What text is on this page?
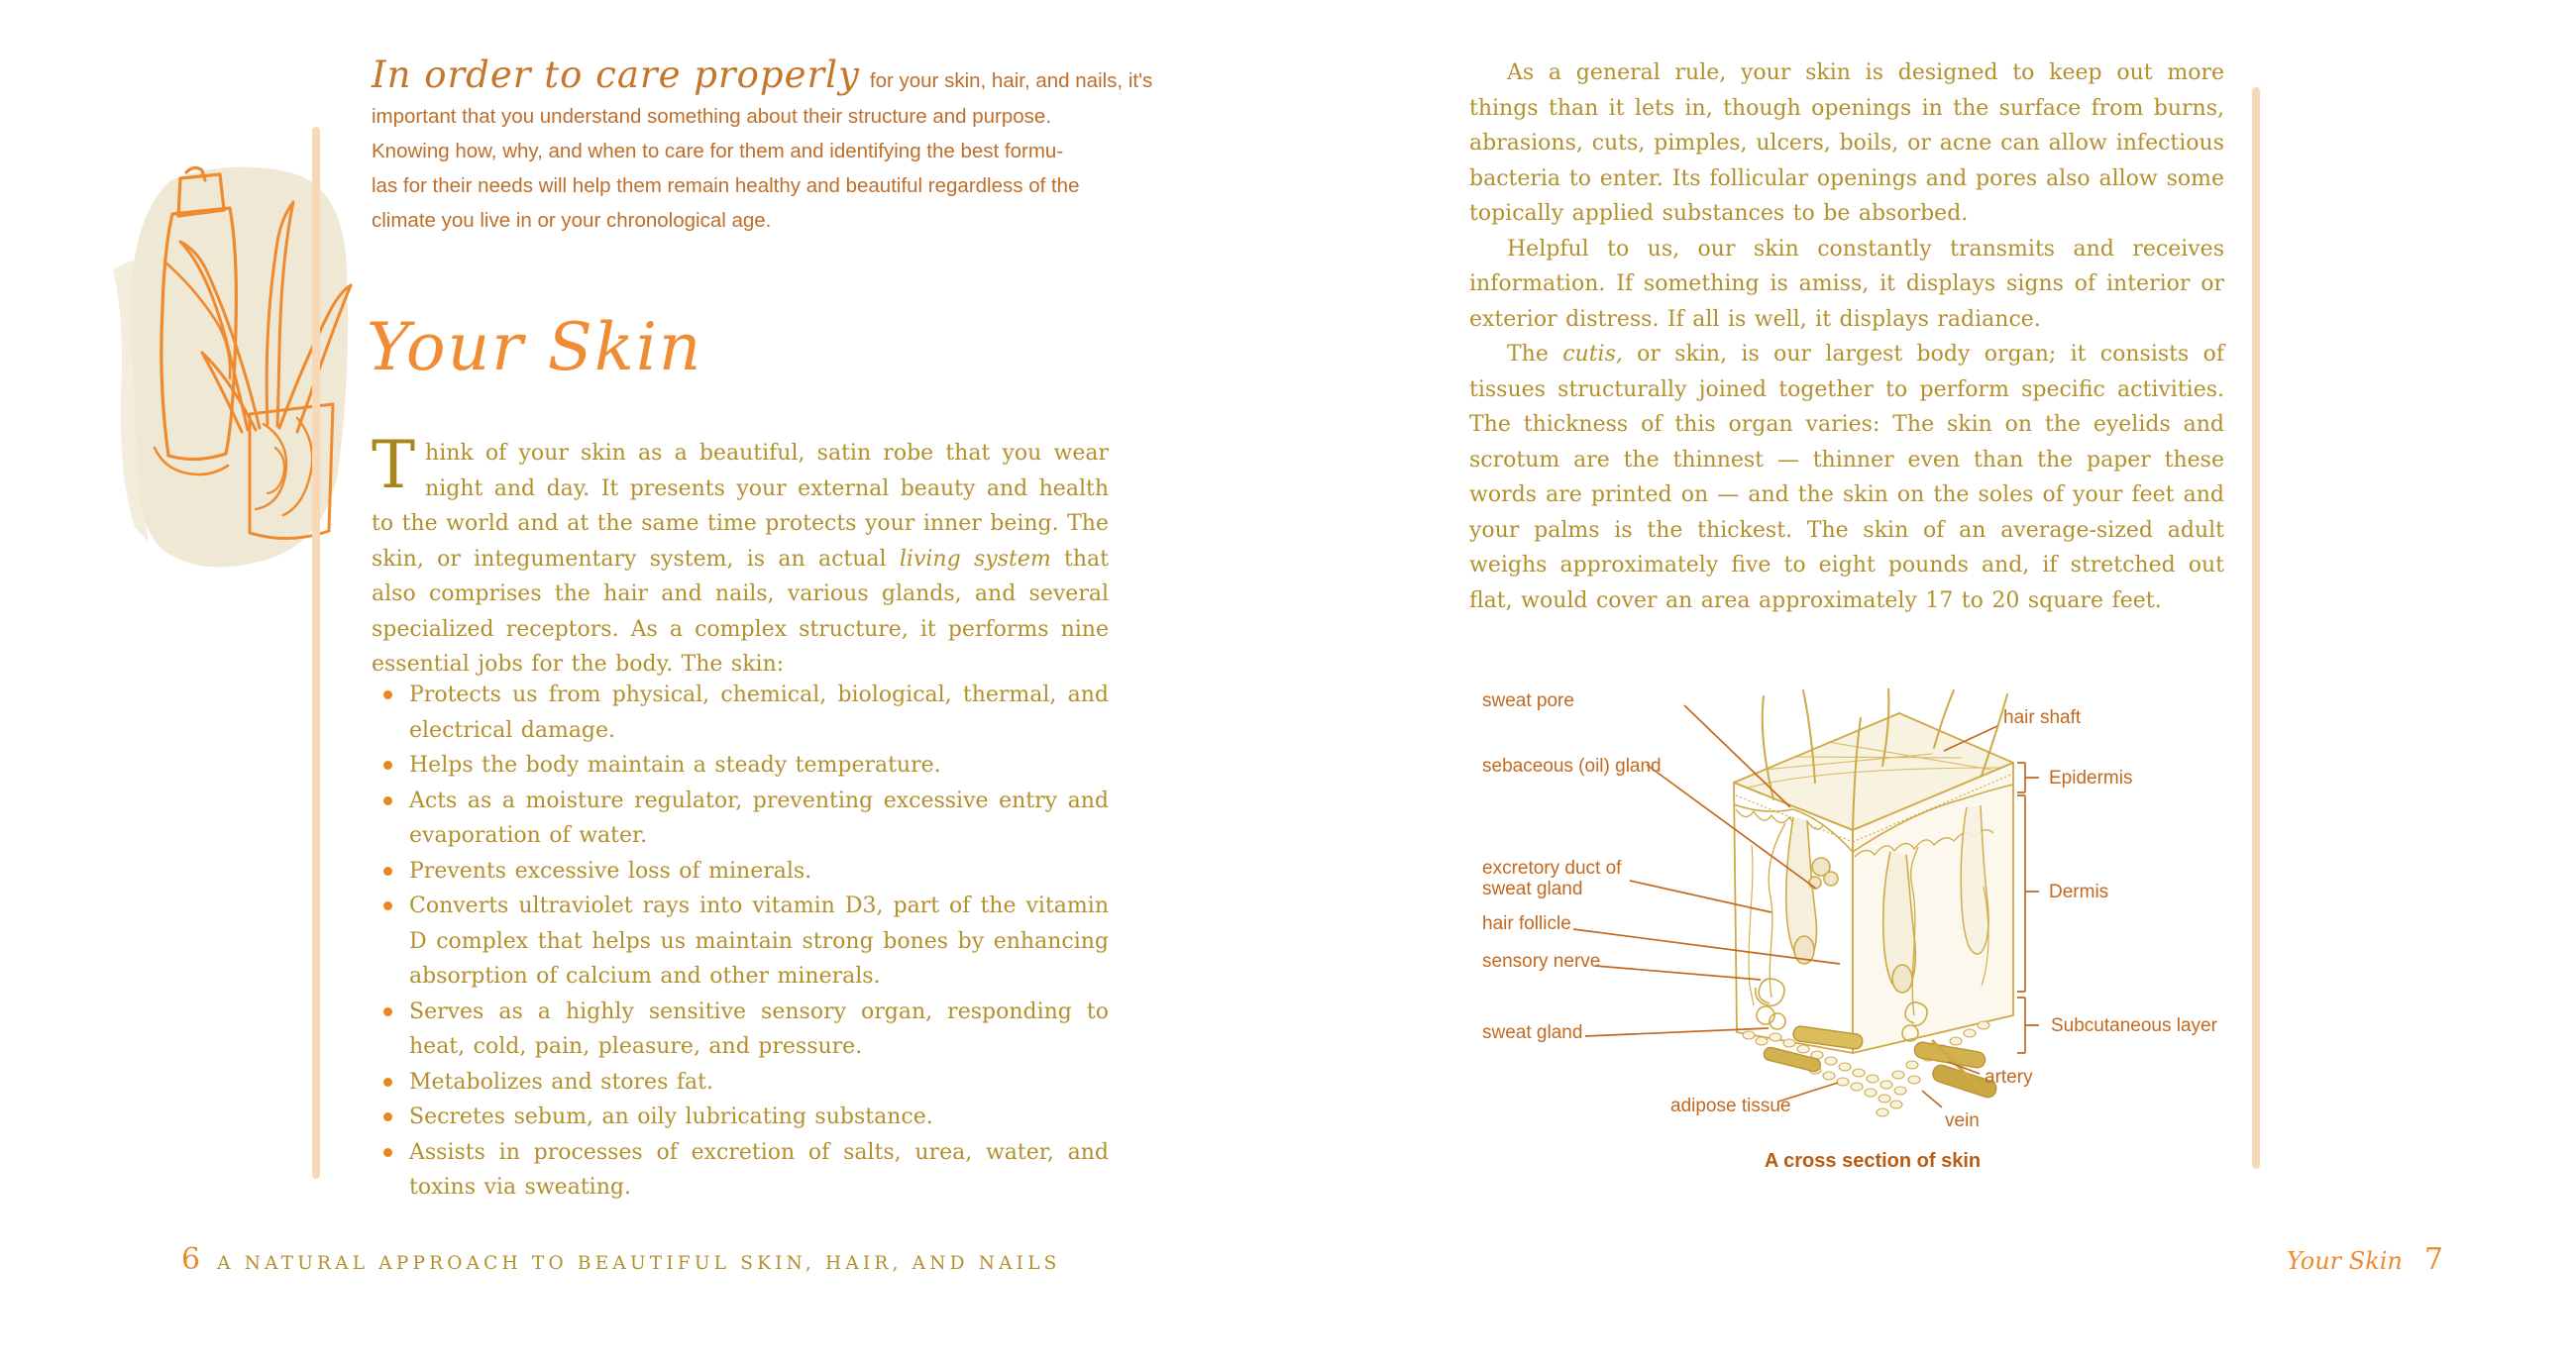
In order to care properly for your skin, hair, and nails, it's
important that you understand something about their structure and purpose.
Knowing how, why, and when to care for them and identifying the best formu-
las for their needs will help them remain healthy and beautiful regardless of the
climate you live in or your chronological age.
Your Skin
Think of your skin as a beautiful, satin robe that you wear night and day. It presents your external beauty and health to the world and at the same time protects your inner being. The skin, or integumentary system, is an actual living system that also comprises the hair and nails, various glands, and several specialized receptors. As a complex structure, it performs nine essential jobs for the body. The skin:
Protects us from physical, chemical, biological, thermal, and electrical damage.
Helps the body maintain a steady temperature.
Acts as a moisture regulator, preventing excessive entry and evaporation of water.
Prevents excessive loss of minerals.
Converts ultraviolet rays into vitamin D3, part of the vitamin D complex that helps us maintain strong bones by enhancing absorption of calcium and other minerals.
Serves as a highly sensitive sensory organ, responding to heat, cold, pain, pleasure, and pressure.
Metabolizes and stores fat.
Secretes sebum, an oily lubricating substance.
Assists in processes of excretion of salts, urea, water, and toxins via sweating.
6 A NATURAL APPROACH TO BEAUTIFUL SKIN, HAIR, AND NAILS

As a general rule, your skin is designed to keep out more things than it lets in, though openings in the surface from burns, abrasions, cuts, pimples, ulcers, boils, or acne can allow infectious bacteria to enter. Its follicular openings and pores also allow some topically applied substances to be absorbed.

Helpful to us, our skin constantly transmits and receives information. If something is amiss, it displays signs of interior or exterior distress. If all is well, it displays radiance.

The cutis, or skin, is our largest body organ; it consists of tissues structurally joined together to perform specific activities. The thickness of this organ varies: The skin on the eyelids and scrotum are the thinnest — thinner even than the paper these words are printed on — and the skin on the soles of your feet and your palms is the thickest. The skin of an average-sized adult weighs approximately five to eight pounds and, if stretched out flat, would cover an area approximately 17 to 20 square feet.

sweat pore
sebaceous (oil) gland
excretory duct of sweat gland
hair follicle
sensory nerve
sweat gland
adipose tissue
hair shaft
Epidermis
Dermis
Subcutaneous layer
artery
vein
A cross section of skin
Your Skin 7
